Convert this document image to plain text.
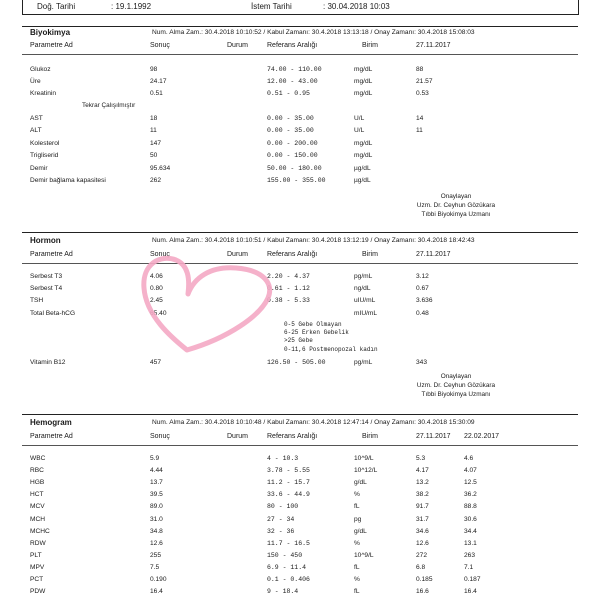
Doğ. Tarihi	: 19.1.1992	İstem Tarihi	: 30.04.2018 10:03
Biyokimya	Num. Alma Zam.: 30.4.2018 10:10:52 / Kabul Zamanı: 30.4.2018 13:13:18 / Onay Zamanı: 30.4.2018 15:08:03
Parametre Ad	Sonuç	Durum	Referans Aralığı	Birim	27.11.2017
Glukoz	98	74.00 - 110.00	mg/dL	88
Üre	24.17	12.00 - 43.00	mg/dL	21.57
Kreatinin	0.51	0.51 - 0.95	mg/dL	0.53
Tekrar Çalışılmıştır
AST	18	0.00 - 35.00	U/L	14
ALT	11	0.00 - 35.00	U/L	11
Kolesterol	147	0.00 - 200.00	mg/dL
Trigliserid	50	0.00 - 150.00	mg/dL
Demir	95.634	50.00 - 180.00	µg/dL
Demir bağlama kapasitesi	262	155.00 - 355.00	µg/dL
Onaylayan
Uzm. Dr. Ceyhun Gözükara
Tıbbi Biyokimya Uzmanı
Hormon	Num. Alma Zam.: 30.4.2018 10:10:51 / Kabul Zamanı: 30.4.2018 13:12:19 / Onay Zamanı: 30.4.2018 18:42:43
Parametre Ad	Sonuç	Durum	Referans Aralığı	Birim	27.11.2017
Serbest T3	4.06	2.20 - 4.37	pg/mL	3.12
Serbest T4	0.80	0.61 - 1.12	ng/dL	0.67
TSH	2.45	0.38 - 5.33	uIU/mL	3.636
Total Beta-hCG	65.40	mIU/mL	0.48
0-5 Gebe Olmayan
6-25 Erken Gebelik
>25 Gebe
0-11,6 Postmenopozal kadın
Vitamin B12	457	126.50 - 505.00	pg/mL	343
Onaylayan
Uzm. Dr. Ceyhun Gözükara
Tıbbi Biyokimya Uzmanı
Hemogram	Num. Alma Zam.: 30.4.2018 10:10:48 / Kabul Zamanı: 30.4.2018 12:47:14 / Onay Zamanı: 30.4.2018 15:30:09
Parametre Ad	Sonuç	Durum	Referans Aralığı	Birim	27.11.2017 22.02.2017
WBC	5.9	4 - 10.3	10^9/L	5.3	4.6
RBC	4.44	3.78 - 5.55	10^12/L	4.17	4.07
HGB	13.7	11.2 - 15.7	g/dL	13.2	12.5
HCT	39.5	33.6 - 44.9	%	38.2	36.2
MCV	89.0	80 - 100	fL	91.7	88.8
MCH	31.0	27 - 34	pg	31.7	30.6
MCHC	34.8	32 - 36	g/dL	34.6	34.4
RDW	12.6	11.7 - 16.5	%	12.6	13.1
PLT	255	150 - 450	10^9/L	272	263
MPV	7.5	6.9 - 11.4	fL	6.8	7.1
PCT	0.190	0.1 - 0.406	%	0.185	0.187
PDW	16.4	9 - 18.4	fL	16.6	16.4
